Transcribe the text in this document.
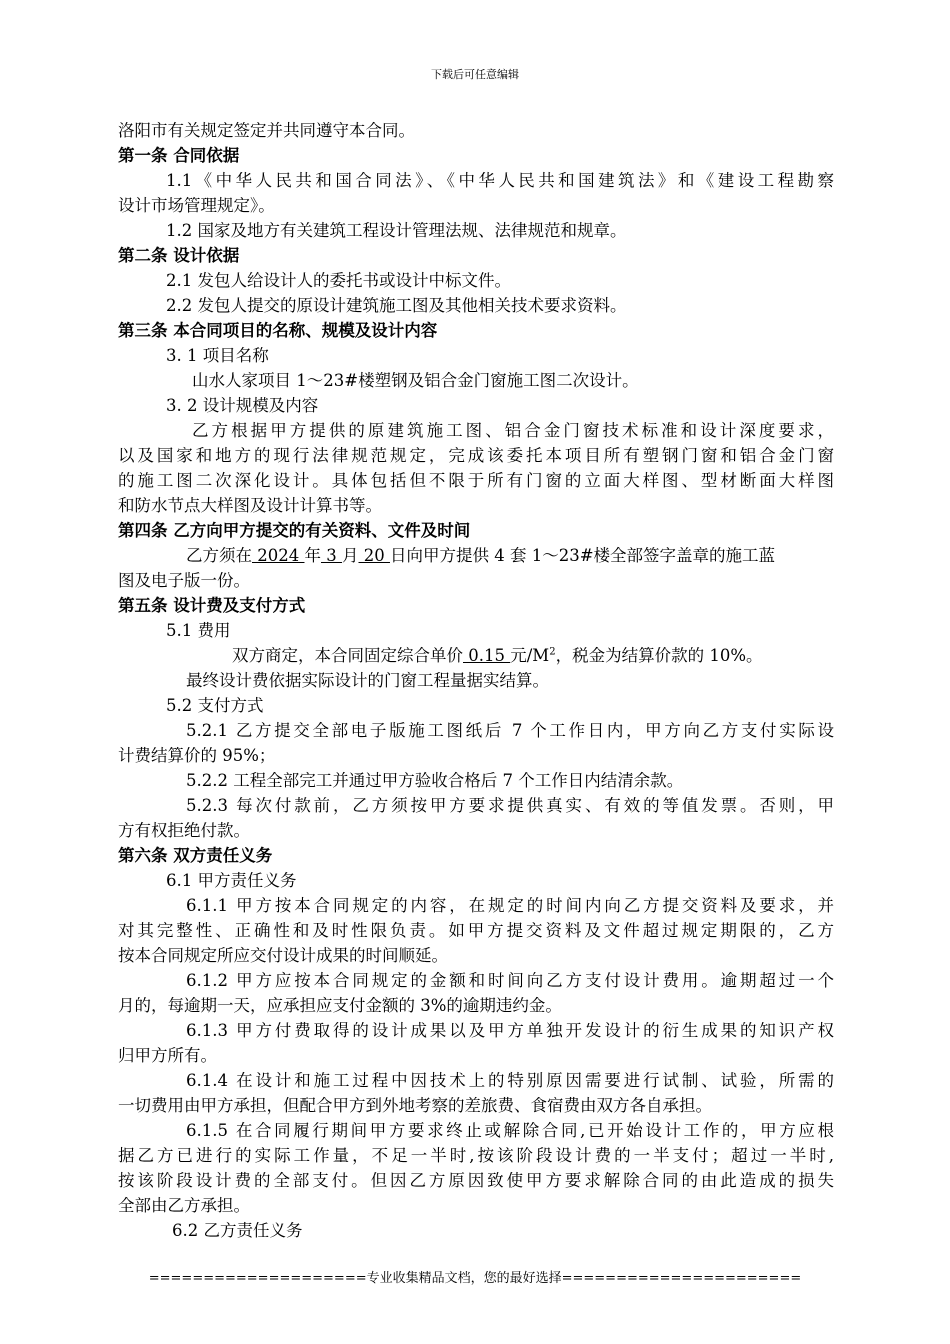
下载后可任意编辑
洛阳市有关规定签定并共同遵守本合同。
第一条 合同依据
1.1《中华人民共和国合同法》、《中华人民共和国建筑法》和《建设工程勘察
设计市场管理规定》。
1.2 国家及地方有关建筑工程设计管理法规、法律规范和规章。
第二条 设计依据
2.1 发包人给设计人的委托书或设计中标文件。
2.2 发包人提交的原设计建筑施工图及其他相关技术要求资料。
第三条 本合同项目的名称、规模及设计内容
3. 1 项目名称
山水人家项目 1～23#楼塑钢及铝合金门窗施工图二次设计。
3. 2 设计规模及内容
乙方根据甲方提供的原建筑施工图、铝合金门窗技术标准和设计深度要求，
以及国家和地方的现行法律规范规定，完成该委托本项目所有塑钢门窗和铝合金门窗
的施工图二次深化设计。具体包括但不限于所有门窗的立面大样图、型材断面大样图
和防水节点大样图及设计计算书等。
第四条 乙方向甲方提交的有关资料、文件及时间
乙方须在 2024 年 3 月 20 日向甲方提供 4 套 1～23#楼全部签字盖章的施工蓝
图及电子版一份。
第五条 设计费及支付方式
5.1 费用
双方商定，本合同固定综合单价 0.15 元$/M^2$，税金为结算价款的 10%。
最终设计费依据实际设计的门窗工程量据实结算。
5.2 支付方式
5.2.1 乙方提交全部电子版施工图纸后 7 个工作日内，甲方向乙方支付实际设
计费结算价的 95%；
5.2.2 工程全部完工并通过甲方验收合格后 7 个工作日内结清余款。
5.2.3 每次付款前，乙方须按甲方要求提供真实、有效的等值发票。否则，甲
方有权拒绝付款。
第六条 双方责任义务
6.1 甲方责任义务
6.1.1 甲方按本合同规定的内容，在规定的时间内向乙方提交资料及要求，并
对其完整性、正确性和及时性限负责。如甲方提交资料及文件超过规定期限的，乙方
按本合同规定所应交付设计成果的时间顺延。
6.1.2 甲方应按本合同规定的金额和时间向乙方支付设计费用。逾期超过一个
月的，每逾期一天，应承担应支付金额的 3%的逾期违约金。
6.1.3 甲方付费取得的设计成果以及甲方单独开发设计的衍生成果的知识产权
归甲方所有。
6.1.4 在设计和施工过程中因技术上的特别原因需要进行试制、试验，所需的
一切费用由甲方承担，但配合甲方到外地考察的差旅费、食宿费由双方各自承担。
6.1.5 在合同履行期间甲方要求终止或解除合同,已开始设计工作的，甲方应根
据乙方已进行的实际工作量，不足一半时,按该阶段设计费的一半支付；超过一半时,
按该阶段设计费的全部支付。但因乙方原因致使甲方要求解除合同的由此造成的损失
全部由乙方承担。
6.2 乙方责任义务
====================专业收集精品文档，您的最好选择======================
